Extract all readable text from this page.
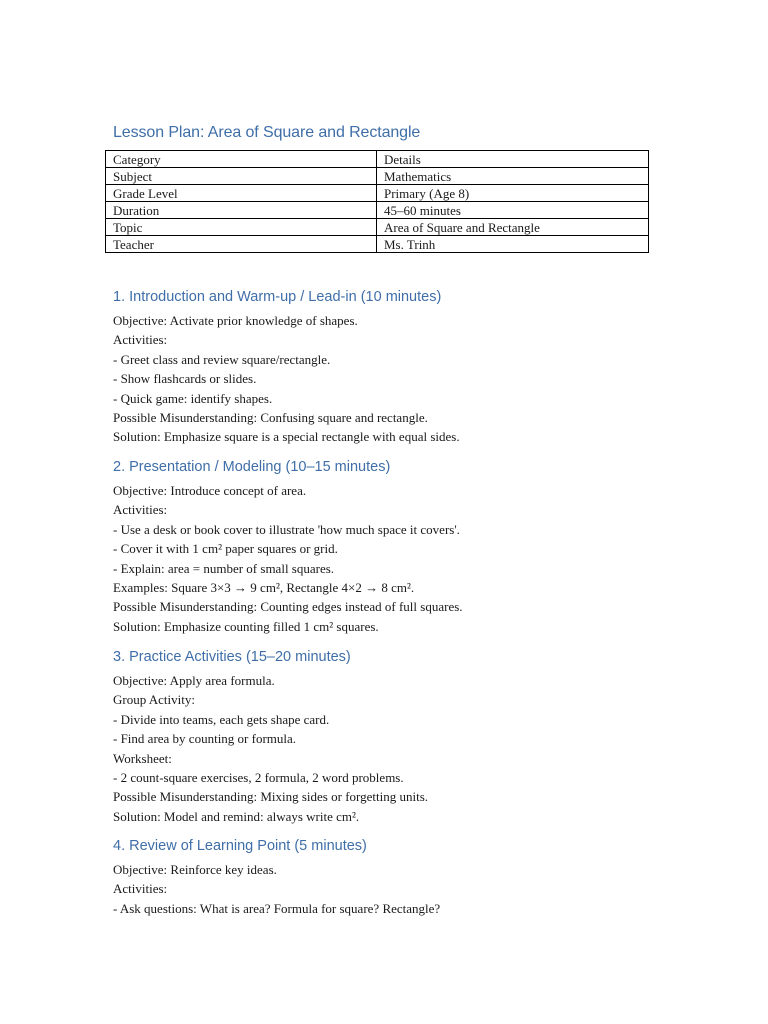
Lesson Plan: Area of Square and Rectangle
Category	Details
Subject	Mathematics
Grade Level	Primary (Age 8)
Duration	45–60 minutes
Topic	Area of Square and Rectangle
Teacher	Ms. Trinh
1. Introduction and Warm-up / Lead-in (10 minutes)
Objective: Activate prior knowledge of shapes.
Activities:
- Greet class and review square/rectangle.
- Show flashcards or slides.
- Quick game: identify shapes.
Possible Misunderstanding: Confusing square and rectangle.
Solution: Emphasize square is a special rectangle with equal sides.
2. Presentation / Modeling (10–15 minutes)
Objective: Introduce concept of area.
Activities:
- Use a desk or book cover to illustrate 'how much space it covers'.
- Cover it with 1 cm² paper squares or grid.
- Explain: area = number of small squares.
Examples: Square 3×3 → 9 cm², Rectangle 4×2 → 8 cm².
Possible Misunderstanding: Counting edges instead of full squares.
Solution: Emphasize counting filled 1 cm² squares.
3. Practice Activities (15–20 minutes)
Objective: Apply area formula.
Group Activity:
- Divide into teams, each gets shape card.
- Find area by counting or formula.
Worksheet:
- 2 count-square exercises, 2 formula, 2 word problems.
Possible Misunderstanding: Mixing sides or forgetting units.
Solution: Model and remind: always write cm².
4. Review of Learning Point (5 minutes)
Objective: Reinforce key ideas.
Activities:
- Ask questions: What is area? Formula for square? Rectangle?
